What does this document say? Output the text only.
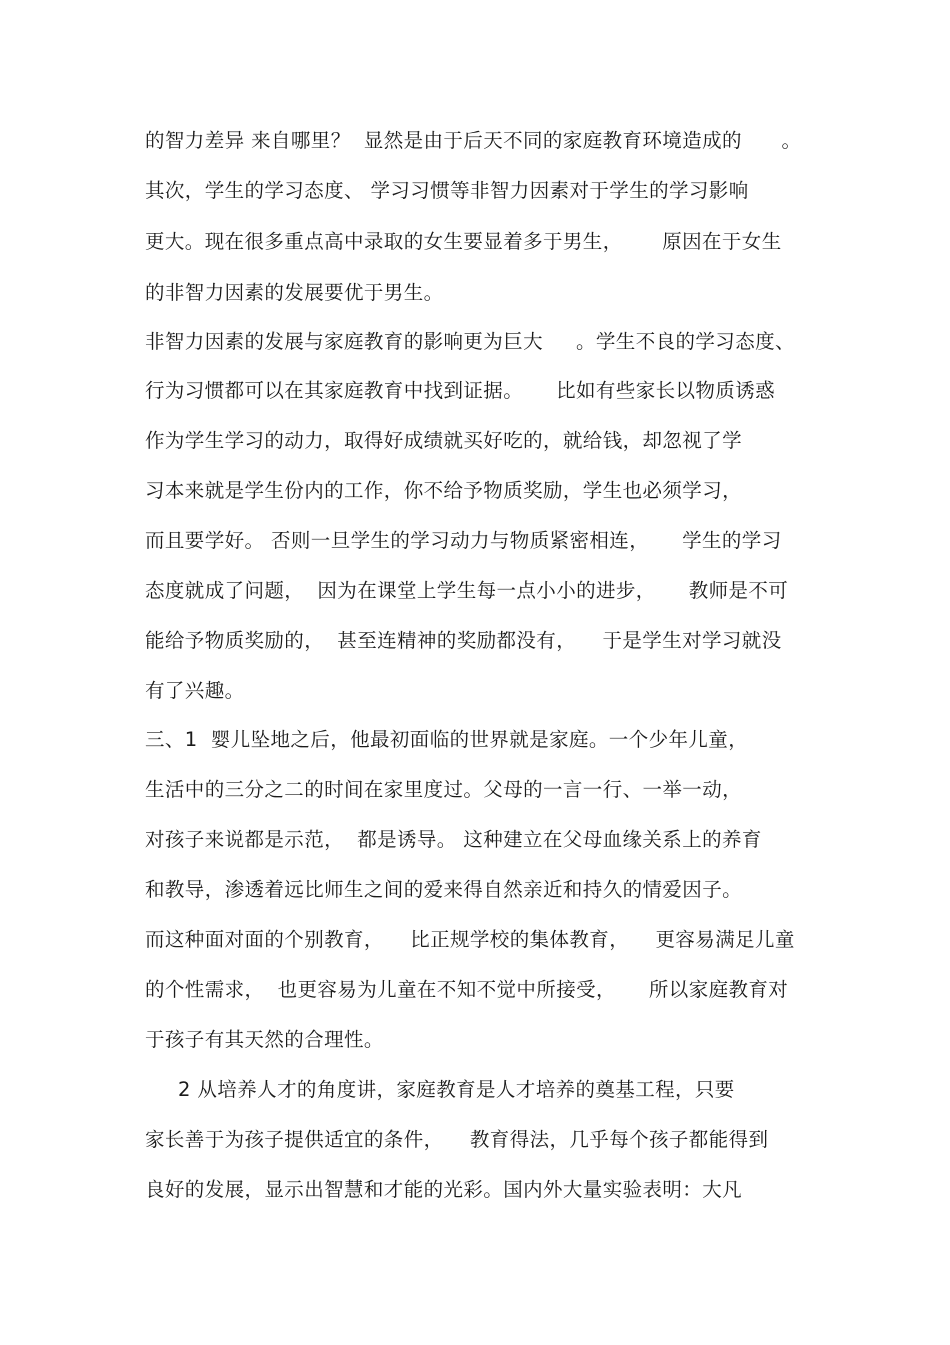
的智力差异 来自哪里？  显然是由于后天不同的家庭教育环境造成的      。
其次，学生的学习态度、 学习习惯等非智力因素对于学生的学习影响
更大。现在很多重点高中录取的女生要显着多于男生，      原因在于女生
的非智力因素的发展要优于男生。
非智力因素的发展与家庭教育的影响更为巨大     。学生不良的学习态度、
行为习惯都可以在其家庭教育中找到证据。     比如有些家长以物质诱惑
作为学生学习的动力，取得好成绩就买好吃的，就给钱，却忽视了学
习本来就是学生份内的工作，你不给予物质奖励，学生也必须学习，
而且要学好。 否则一旦学生的学习动力与物质紧密相连，     学生的学习
态度就成了问题，  因为在课堂上学生每一点小小的进步，     教师是不可
能给予物质奖励的，  甚至连精神的奖励都没有，    于是学生对学习就没
有了兴趣。
三、1  婴儿坠地之后，他最初面临的世界就是家庭。一个少年儿童，
生活中的三分之二的时间在家里度过。父母的一言一行、一举一动，
对孩子来说都是示范，  都是诱导。 这种建立在父母血缘关系上的养育
和教导，渗透着远比师生之间的爱来得自然亲近和持久的情爱因子。
而这种面对面的个别教育，    比正规学校的集体教育，    更容易满足儿童
的个性需求，  也更容易为儿童在不知不觉中所接受，     所以家庭教育对
于孩子有其天然的合理性。
2 从培养人才的角度讲，家庭教育是人才培养的奠基工程，只要
家长善于为孩子提供适宜的条件，    教育得法，几乎每个孩子都能得到
良好的发展，显示出智慧和才能的光彩。国内外大量实验表明：大凡
